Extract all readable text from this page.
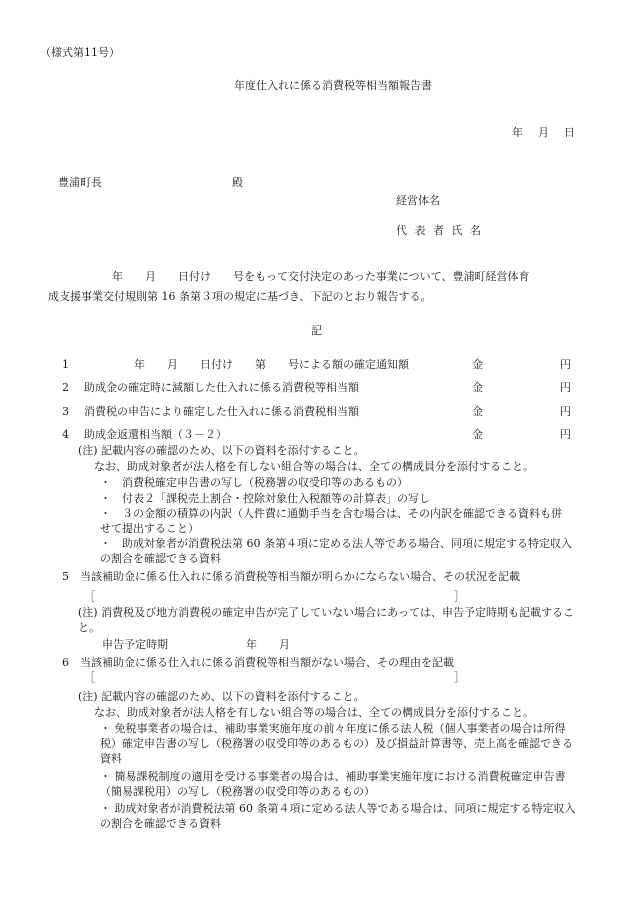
（様式第11号）
年度仕入れに係る消費税等相当額報告書
年　月　日
豊浦町長	殿
経営体名
代 表 者 氏 名
年　　月　　日付け　　号をもって交付決定のあった事業について、豊浦町経営体育
成支援事業交付規則第 16 条第３項の規定に基づき、下記のとおり報告する。
記
1	年　　月　　日付け　　第　　号による額の確定通知額	金	円
2 助成金の確定時に減額した仕入れに係る消費税等相当額	金	円
3 消費税の申告により確定した仕入れに係る消費税相当額	金	円
4 助成金返還相当額（３－２）	金	円
(注) 記載内容の確認のため、以下の資料を添付すること。
なお、助成対象者が法人格を有しない組合等の場合は、全ての構成員分を添付すること。
・　消費税確定申告書の写し（税務署の収受印等のあるもの）
・　付表２「課税売上割合・控除対象仕入税額等の計算表」の写し
・　３の金額の積算の内訳（人件費に通勤手当を含む場合は、その内訳を確認できる資料も併せて提出すること）
・　助成対象者が消費税法第 60 条第４項に定める法人等である場合、同項に規定する特定収入の割合を確認できる資料
5 当該補助金に係る仕入れに係る消費税等相当額が明らかにならない場合、その状況を記載
［	］
(注) 消費税及び地方消費税の確定申告が完了していない場合にあっては、申告予定時期も記載すること。
申告予定時期	年　　月
6 当該補助金に係る仕入れに係る消費税等相当額がない場合、その理由を記載
［	］
(注) 記載内容の確認のため、以下の資料を添付すること。
なお、助成対象者が法人格を有しない組合等の場合は、全ての構成員分を添付すること。
・ 免税事業者の場合は、補助事業実施年度の前々年度に係る法人税（個人事業者の場合は所得税）確定申告書の写し（税務署の収受印等のあるもの）及び損益計算書等、売上高を確認できる資料
・ 簡易課税制度の適用を受ける事業者の場合は、補助事業実施年度における消費税確定申告書（簡易課税用）の写し（税務署の収受印等のあるもの）
・ 助成対象者が消費税法第 60 条第４項に定める法人等である場合は、同項に規定する特定収入の割合を確認できる資料
